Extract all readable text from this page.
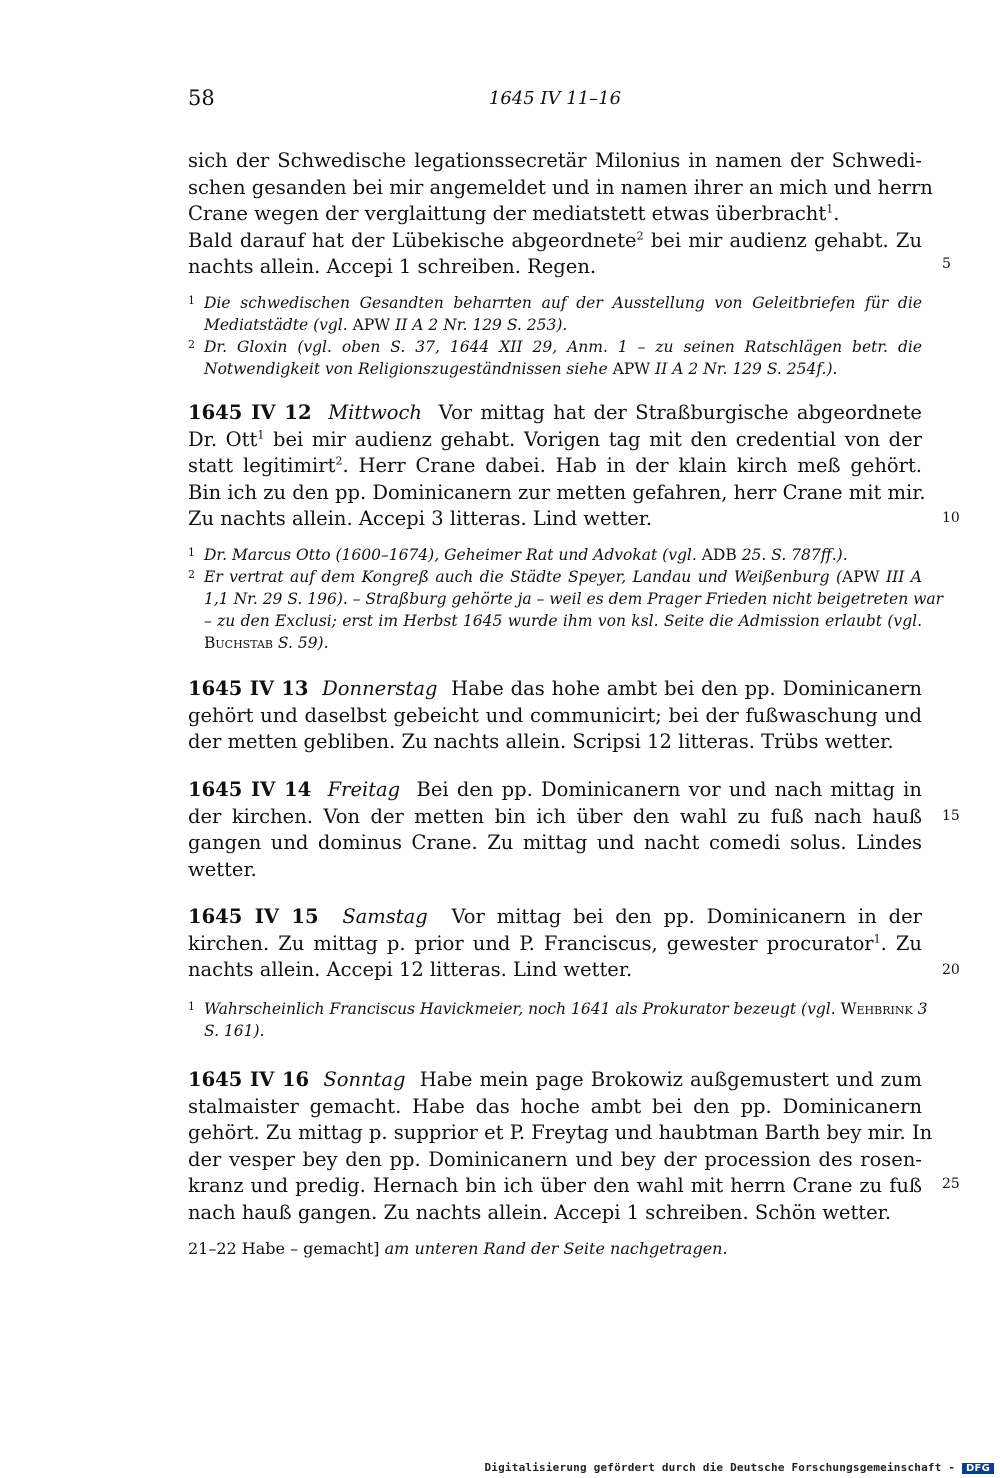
58	1645 IV 11–16
sich der Schwedische legationssecretär Milonius in namen der Schwedi-
schen gesanden bei mir angemeldet und in namen ihrer an mich und herrn
Crane wegen der verglaittung der mediatstett etwas überbracht$^1$.
Bald darauf hat der Lübekische abgeordnete$^2$ bei mir audienz gehabt. Zu
nachts allein. Accepi 1 schreiben. Regen.	5
1 Die schwedischen Gesandten beharrten auf der Ausstellung von Geleitbriefen für die
Mediatstädte (vgl. APW II A 2 Nr. 129 S. 253).
2 Dr. Gloxin (vgl. oben S. 37, 1644 XII 29, Anm. 1 – zu seinen Ratschlägen betr. die
Notwendigkeit von Religionszugeständnissen siehe APW II A 2 Nr. 129 S. 254f.).
1645 IV 12 Mittwoch Vor mittag hat der Straßburgische abgeordnete
Dr. Ott$^1$ bei mir audienz gehabt. Vorigen tag mit den credential von der
statt legitimirt$^2$. Herr Crane dabei. Hab in der klain kirch meß gehört.
Bin ich zu den pp. Dominicanern zur metten gefahren, herr Crane mit mir.
Zu nachts allein. Accepi 3 litteras. Lind wetter.	10
1 Dr. Marcus Otto (1600–1674), Geheimer Rat und Advokat (vgl. ADB 25. S. 787ff.).
2 Er vertrat auf dem Kongreß auch die Städte Speyer, Landau und Weißenburg (APW III A
1,1 Nr. 29 S. 196). – Straßburg gehörte ja – weil es dem Prager Frieden nicht beigetreten war
– zu den Exclusi; erst im Herbst 1645 wurde ihm von ksl. Seite die Admission erlaubt (vgl.
Buchstab S. 59).
1645 IV 13 Donnerstag Habe das hohe ambt bei den pp. Dominicanern
gehört und daselbst gebeicht und communicirt; bei der fußwaschung und
der metten gebliben. Zu nachts allein. Scripsi 12 litteras. Trübs wetter.
1645 IV 14 Freitag Bei den pp. Dominicanern vor und nach mittag in
der kirchen. Von der metten bin ich über den wahl zu fuß nach hauß
gangen und dominus Crane. Zu mittag und nacht comedi solus. Lindes
wetter.
15
1645 IV 15 Samstag Vor mittag bei den pp. Dominicanern in der
kirchen. Zu mittag p. prior und P. Franciscus, gewester procurator$^1$. Zu
nachts allein. Accepi 12 litteras. Lind wetter.	20
1 Wahrscheinlich Franciscus Havickmeier, noch 1641 als Prokurator bezeugt (vgl. Wehbrink 3
S. 161).
1645 IV 16 Sonntag Habe mein page Brokowiz außgemustert und zum
stalmaister gemacht. Habe das hoche ambt bei den pp. Dominicanern
gehört. Zu mittag p. supprior et P. Freytag und haubtman Barth bey mir. In
der vesper bey den pp. Dominicanern und bey der procession des rosen-
kranz und predig. Hernach bin ich über den wahl mit herrn Crane zu fuß
nach hauß gangen. Zu nachts allein. Accepi 1 schreiben. Schön wetter.
25
21–22 Habe – gemacht] am unteren Rand der Seite nachgetragen.
Digitalisierung gefördert durch die Deutsche Forschungsgemeinschaft - DFG
